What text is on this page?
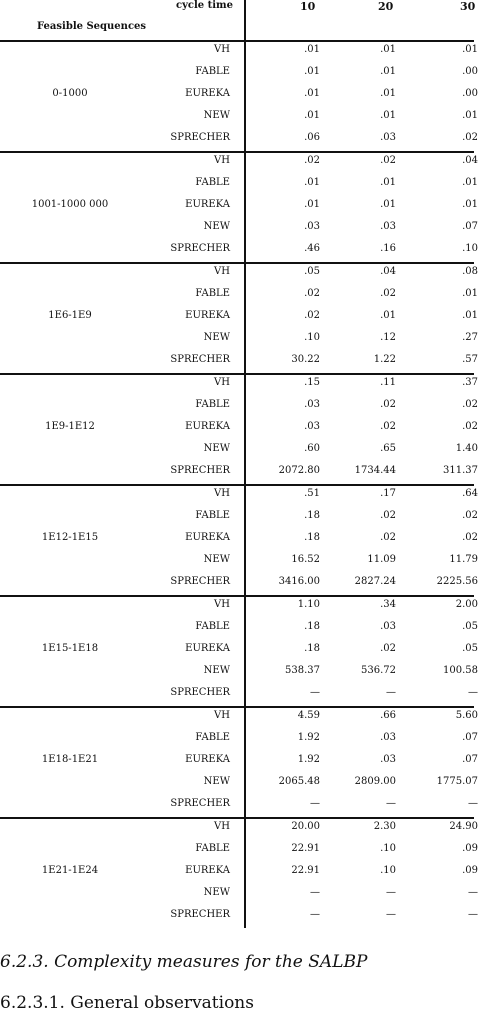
cycle time
Feasible Sequences
10	20	30
0-1000
VH	.01	.01	.01
FABLE	.01	.01	.00
EUREKA	.01	.01	.00
NEW	.01	.01	.01
SPRECHER	.06	.03	.02
1001-1000 000
VH	.02	.02	.04
FABLE	.01	.01	.01
EUREKA	.01	.01	.01
NEW	.03	.03	.07
SPRECHER	.46	.16	.10
1E6-1E9
VH	.05	.04	.08
FABLE	.02	.02	.01
EUREKA	.02	.01	.01
NEW	.10	.12	.27
SPRECHER	30.22	1.22	.57
1E9-1E12
VH	.15	.11	.37
FABLE	.03	.02	.02
EUREKA	.03	.02	.02
NEW	.60	.65	1.40
SPRECHER	2072.80	1734.44	311.37
1E12-1E15
VH	.51	.17	.64
FABLE	.18	.02	.02
EUREKA	.18	.02	.02
NEW	16.52	11.09	11.79
SPRECHER	3416.00	2827.24	2225.56
1E15-1E18
VH	1.10	.34	2.00
FABLE	.18	.03	.05
EUREKA	.18	.02	.05
NEW	538.37	536.72	100.58
SPRECHER	—	—	—
1E18-1E21
VH	4.59	.66	5.60
FABLE	1.92	.03	.07
EUREKA	1.92	.03	.07
NEW	2065.48	2809.00	1775.07
SPRECHER	—	—	—
1E21-1E24
VH	20.00	2.30	24.90
FABLE	22.91	.10	.09
EUREKA	22.91	.10	.09
NEW	—	—	—
SPRECHER	—	—	—
6.2.3. Complexity measures for the SALBP
6.2.3.1. General observations
